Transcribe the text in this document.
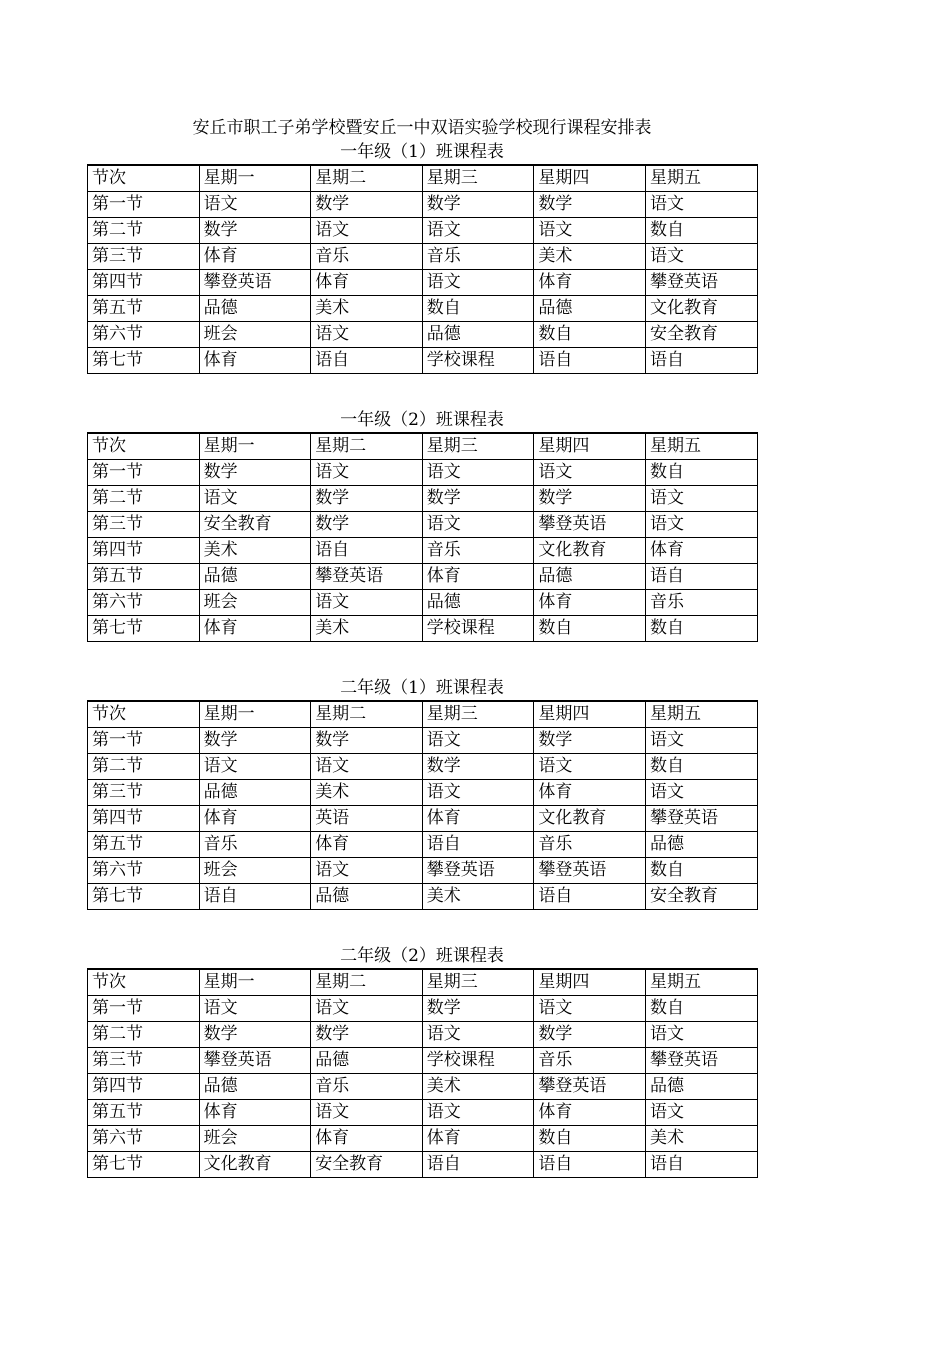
安丘市职工子弟学校暨安丘一中双语实验学校现行课程安排表
一年级（1）班课程表
节次	星期一	星期二	星期三	星期四	星期五
第一节	语文	数学	数学	数学	语文
第二节	数学	语文	语文	语文	数自
第三节	体育	音乐	音乐	美术	语文
第四节	攀登英语	体育	语文	体育	攀登英语
第五节	品德	美术	数自	品德	文化教育
第六节	班会	语文	品德	数自	安全教育
第七节	体育	语自	学校课程	语自	语自
一年级（2）班课程表
节次	星期一	星期二	星期三	星期四	星期五
第一节	数学	语文	语文	语文	数自
第二节	语文	数学	数学	数学	语文
第三节	安全教育	数学	语文	攀登英语	语文
第四节	美术	语自	音乐	文化教育	体育
第五节	品德	攀登英语	体育	品德	语自
第六节	班会	语文	品德	体育	音乐
第七节	体育	美术	学校课程	数自	数自
二年级（1）班课程表
节次	星期一	星期二	星期三	星期四	星期五
第一节	数学	数学	语文	数学	语文
第二节	语文	语文	数学	语文	数自
第三节	品德	美术	语文	体育	语文
第四节	体育	英语	体育	文化教育	攀登英语
第五节	音乐	体育	语自	音乐	品德
第六节	班会	语文	攀登英语	攀登英语	数自
第七节	语自	品德	美术	语自	安全教育
二年级（2）班课程表
节次	星期一	星期二	星期三	星期四	星期五
第一节	语文	语文	数学	语文	数自
第二节	数学	数学	语文	数学	语文
第三节	攀登英语	品德	学校课程	音乐	攀登英语
第四节	品德	音乐	美术	攀登英语	品德
第五节	体育	语文	语文	体育	语文
第六节	班会	体育	体育	数自	美术
第七节	文化教育	安全教育	语自	语自	语自
